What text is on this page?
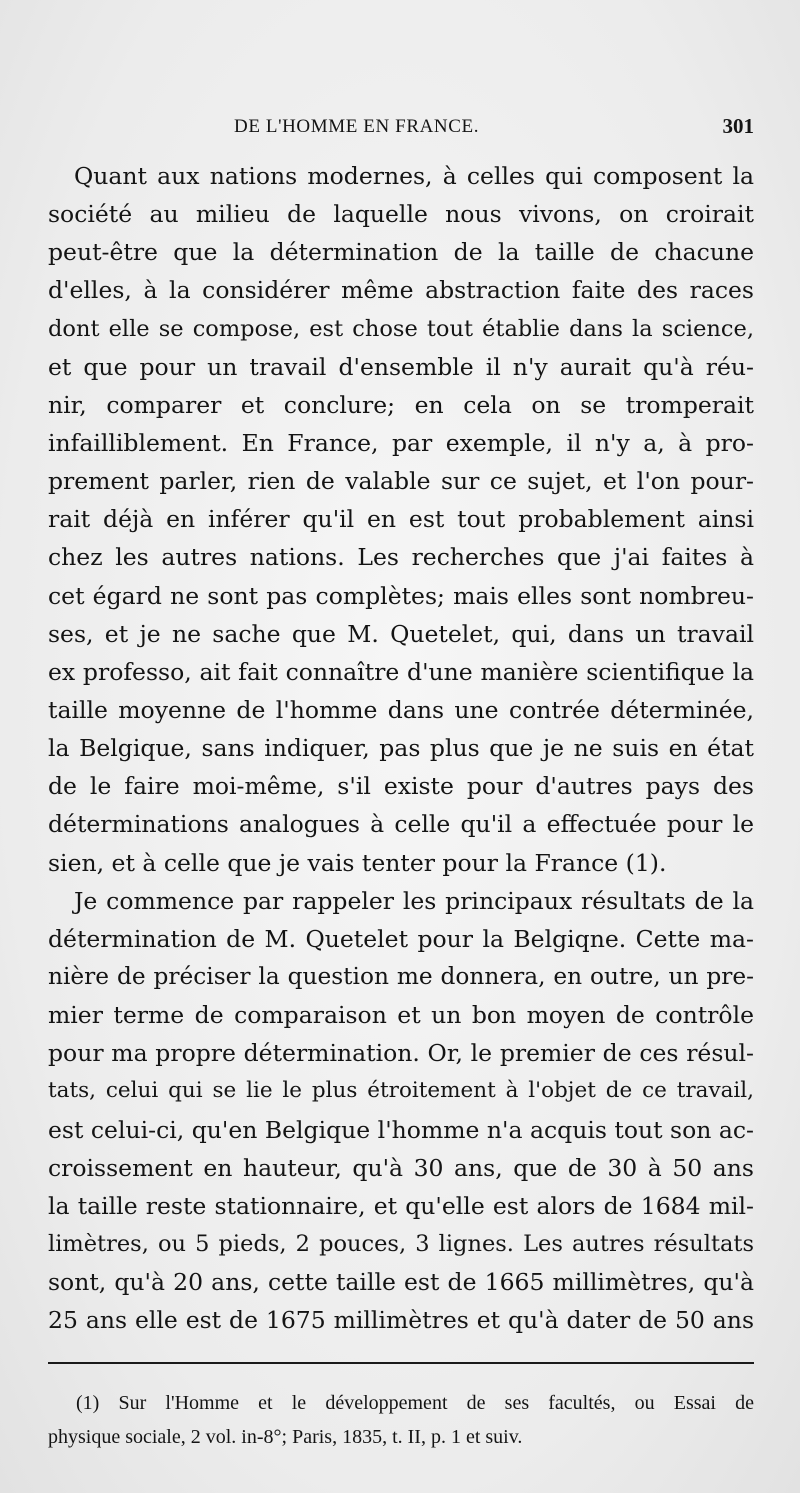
DE L'HOMME EN FRANCE.	301
Quant aux nations modernes, à celles qui composent la
société au milieu de laquelle nous vivons, on croirait
peut-être que la détermination de la taille de chacune
d'elles, à la considérer même abstraction faite des races
dont elle se compose, est chose tout établie dans la science,
et que pour un travail d'ensemble il n'y aurait qu'à réu-
nir, comparer et conclure; en cela on se tromperait
infailliblement. En France, par exemple, il n'y a, à pro-
prement parler, rien de valable sur ce sujet, et l'on pour-
rait déjà en inférer qu'il en est tout probablement ainsi
chez les autres nations. Les recherches que j'ai faites à
cet égard ne sont pas complètes; mais elles sont nombreu-
ses, et je ne sache que M. Quetelet, qui, dans un travail
ex professo, ait fait connaître d'une manière scientifique la
taille moyenne de l'homme dans une contrée déterminée,
la Belgique, sans indiquer, pas plus que je ne suis en état
de le faire moi-même, s'il existe pour d'autres pays des
déterminations analogues à celle qu'il a effectuée pour le
sien, et à celle que je vais tenter pour la France (1).
Je commence par rappeler les principaux résultats de la
détermination de M. Quetelet pour la Belgiqne. Cette ma-
nière de préciser la question me donnera, en outre, un pre-
mier terme de comparaison et un bon moyen de contrôle
pour ma propre détermination. Or, le premier de ces résul-
tats, celui qui se lie le plus étroitement à l'objet de ce travail,
est celui-ci, qu'en Belgique l'homme n'a acquis tout son ac-
croissement en hauteur, qu'à 30 ans, que de 30 à 50 ans
la taille reste stationnaire, et qu'elle est alors de 1684 mil-
limètres, ou 5 pieds, 2 pouces, 3 lignes. Les autres résultats
sont, qu'à 20 ans, cette taille est de 1665 millimètres, qu'à
25 ans elle est de 1675 millimètres et qu'à dater de 50 ans
(1) Sur l'Homme et le développement de ses facultés, ou Essai de
physique sociale, 2 vol. in-8°; Paris, 1835, t. II, p. 1 et suiv.
